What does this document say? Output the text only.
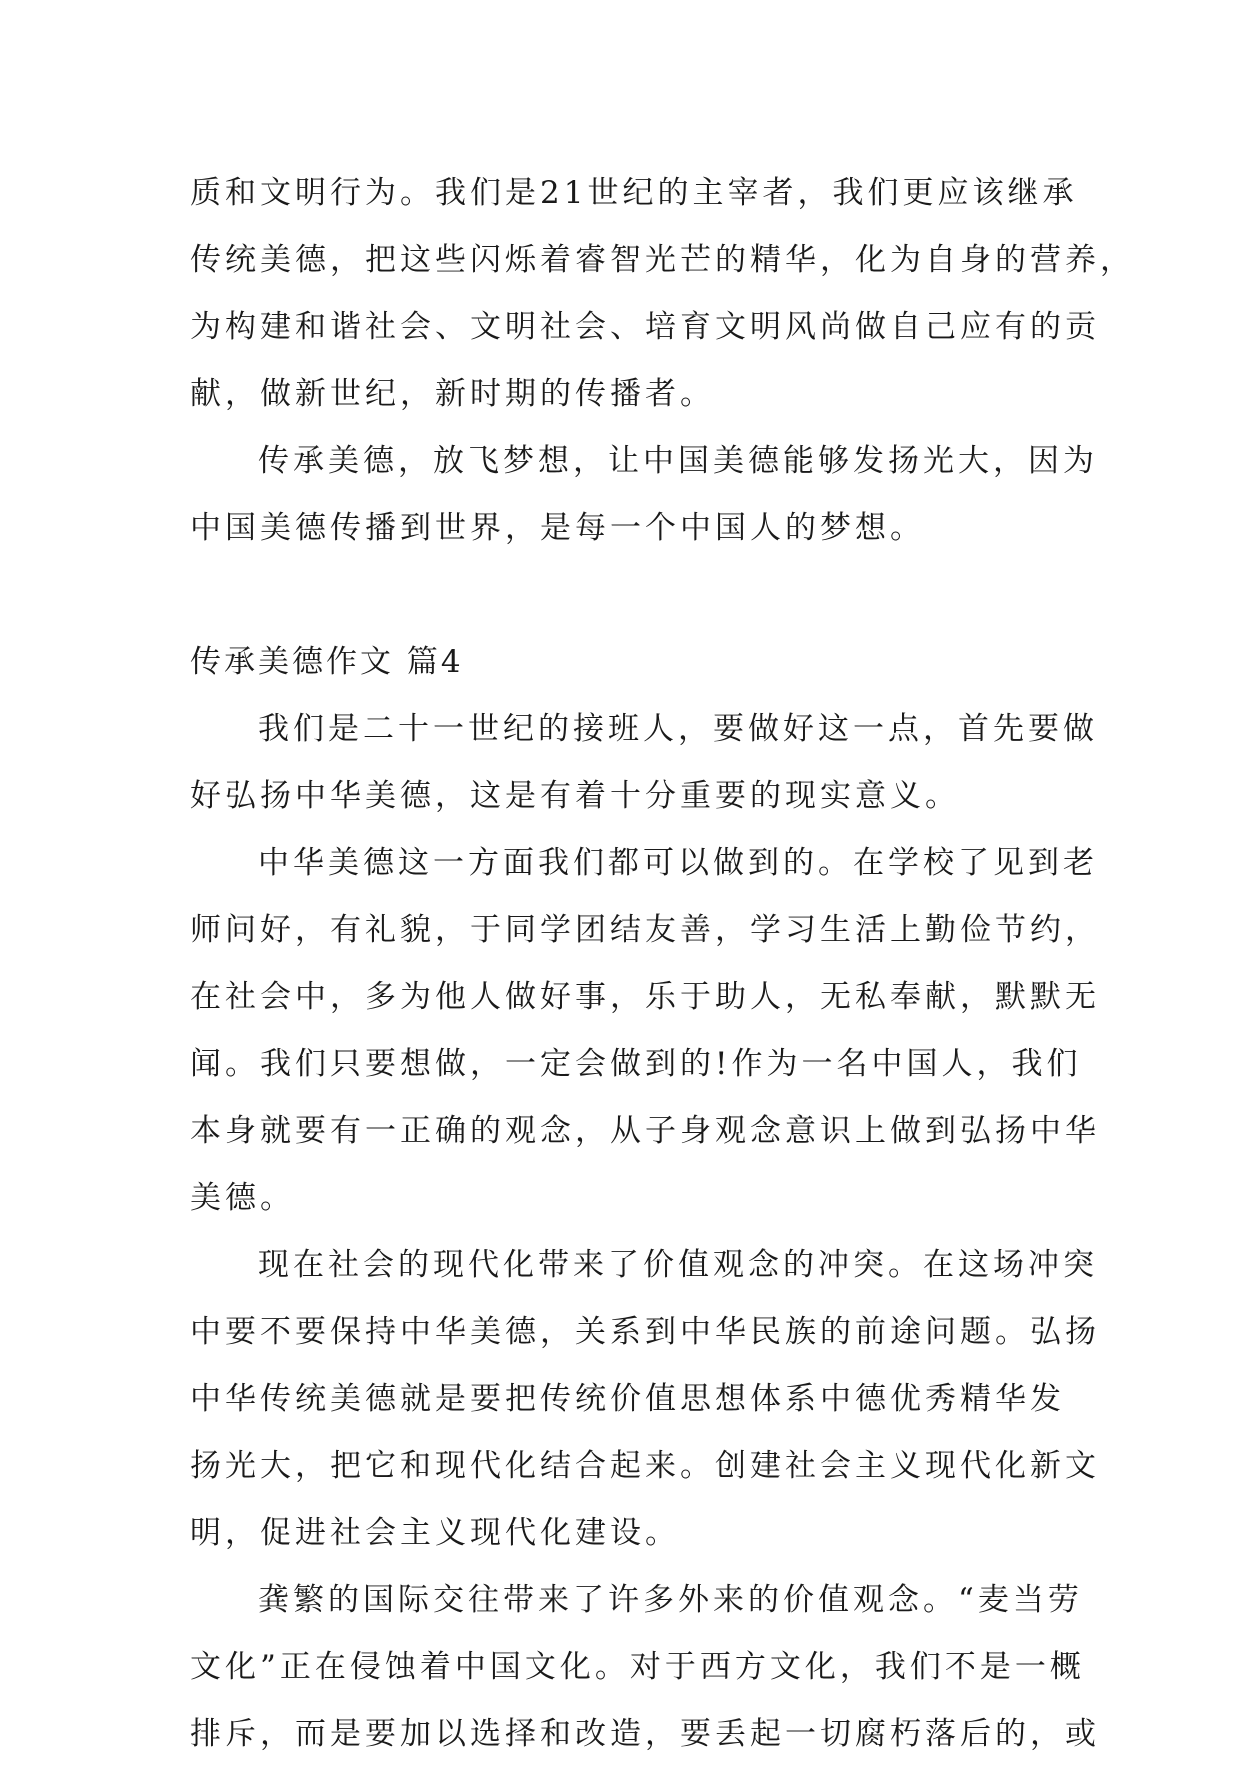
质和文明行为。我们是21世纪的主宰者，我们更应该继承
传统美德，把这些闪烁着睿智光芒的精华，化为自身的营养，
为构建和谐社会、文明社会、培育文明风尚做自己应有的贡
献，做新世纪，新时期的传播者。
传承美德，放飞梦想，让中国美德能够发扬光大，因为
中国美德传播到世界，是每一个中国人的梦想。
传承美德作文 篇4
我们是二十一世纪的接班人，要做好这一点，首先要做
好弘扬中华美德，这是有着十分重要的现实意义。
中华美德这一方面我们都可以做到的。在学校了见到老
师问好，有礼貌，于同学团结友善，学习生活上勤俭节约，
在社会中，多为他人做好事，乐于助人，无私奉献，默默无
闻。我们只要想做，一定会做到的!作为一名中国人，我们
本身就要有一正确的观念，从子身观念意识上做到弘扬中华
美德。
现在社会的现代化带来了价值观念的冲突。在这场冲突
中要不要保持中华美德，关系到中华民族的前途问题。弘扬
中华传统美德就是要把传统价值思想体系中德优秀精华发
扬光大，把它和现代化结合起来。创建社会主义现代化新文
明，促进社会主义现代化建设。
龚繁的国际交往带来了许多外来的价值观念。“麦当劳
文化”正在侵蚀着中国文化。对于西方文化，我们不是一概
排斥，而是要加以选择和改造，要丢起一切腐朽落后的，或
